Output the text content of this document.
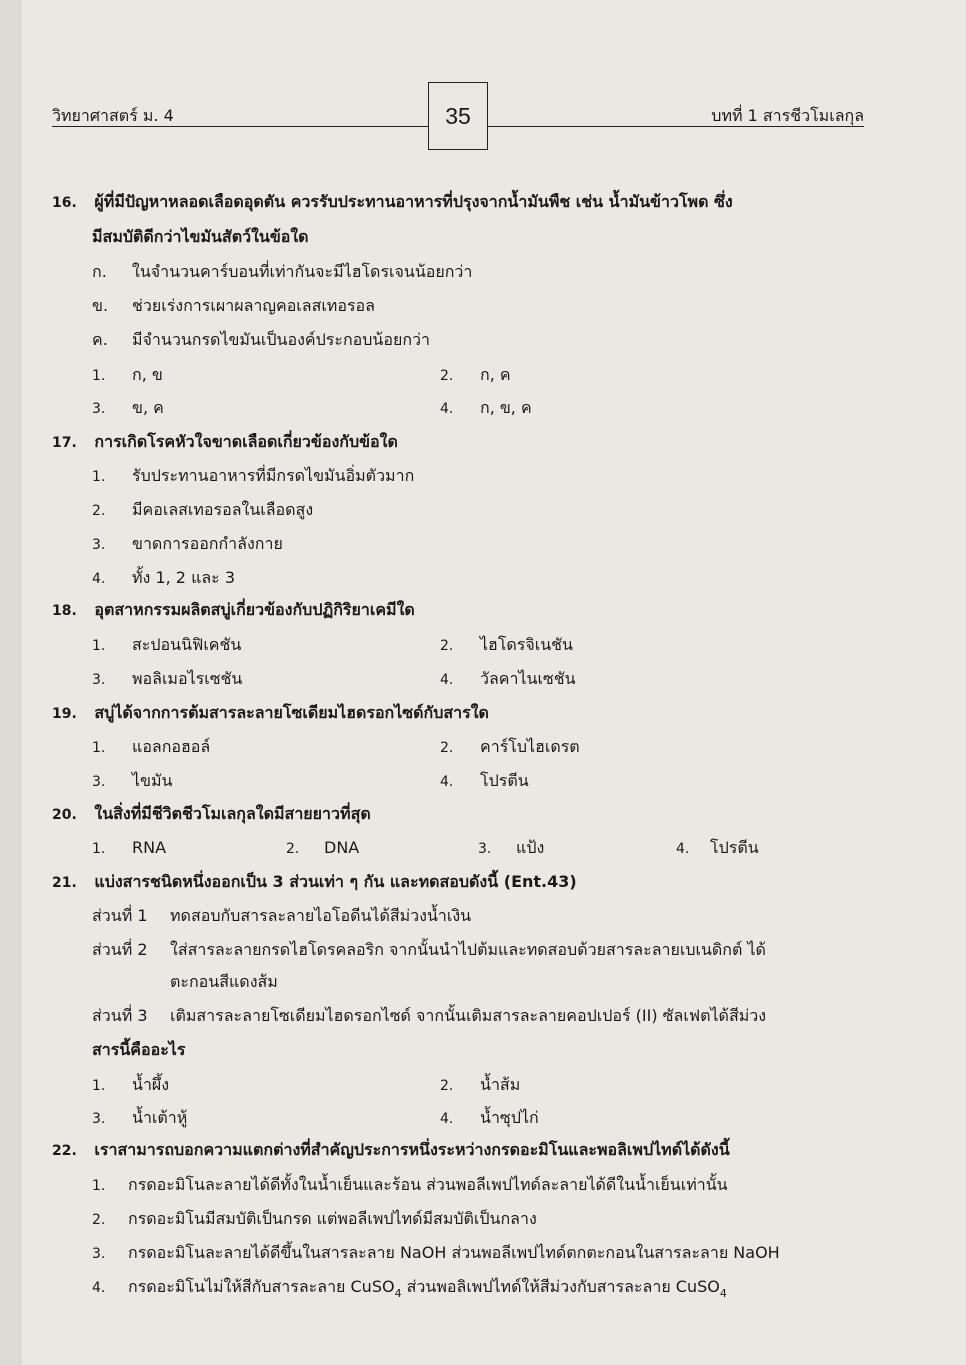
วิทยาศาสตร์ ม. 4	บทที่ 1 สารชีวโมเลกุล
35
16. ผู้ที่มีปัญหาหลอดเลือดอุดตัน ควรรับประทานอาหารที่ปรุงจากน้ำมันพืช เช่น น้ำมันข้าวโพด ซึ่ง
มีสมบัติดีกว่าไขมันสัตว์ในข้อใด
ก. ในจำนวนคาร์บอนที่เท่ากันจะมีไฮโดรเจนน้อยกว่า
ข. ช่วยเร่งการเผาผลาญคอเลสเทอรอล
ค. มีจำนวนกรดไขมันเป็นองค์ประกอบน้อยกว่า
1. ก, ข	2. ก, ค
3. ข, ค	4. ก, ข, ค
17. การเกิดโรคหัวใจขาดเลือดเกี่ยวข้องกับข้อใด
1. รับประทานอาหารที่มีกรดไขมันอิ่มตัวมาก
2. มีคอเลสเทอรอลในเลือดสูง
3. ขาดการออกกำลังกาย
4. ทั้ง 1, 2 และ 3
18. อุตสาหกรรมผลิตสบู่เกี่ยวข้องกับปฏิกิริยาเคมีใด
1. สะปอนนิฟิเคชัน	2. ไฮโดรจิเนชัน
3. พอลิเมอไรเซชัน	4. วัลคาไนเซชัน
19. สบู่ได้จากการต้มสารละลายโซเดียมไฮดรอกไซด์กับสารใด
1. แอลกอฮอล์	2. คาร์โบไฮเดรต
3. ไขมัน	4. โปรตีน
20. ในสิ่งที่มีชีวิตชีวโมเลกุลใดมีสายยาวที่สุด
1. RNA	2. DNA	3. แป้ง	4. โปรตีน
21. แบ่งสารชนิดหนึ่งออกเป็น 3 ส่วนเท่า ๆ กัน และทดสอบดังนี้ (Ent.43)
ส่วนที่ 1 ทดสอบกับสารละลายไอโอดีนได้สีม่วงน้ำเงิน
ส่วนที่ 2 ใส่สารละลายกรดไฮโดรคลอริก จากนั้นนำไปต้มและทดสอบด้วยสารละลายเบเนดิกต์ ได้
ตะกอนสีแดงส้ม
ส่วนที่ 3 เติมสารละลายโซเดียมไฮดรอกไซด์ จากนั้นเติมสารละลายคอปเปอร์ (II) ซัลเฟตได้สีม่วง
สารนี้คืออะไร
1. น้ำผึ้ง	2. น้ำส้ม
3. น้ำเต้าหู้	4. น้ำซุปไก่
22. เราสามารถบอกความแตกต่างที่สำคัญประการหนึ่งระหว่างกรดอะมิโนและพอลิเพปไทด์ได้ดังนี้
1. กรดอะมิโนละลายได้ดีทั้งในน้ำเย็นและร้อน ส่วนพอลีเพปไทด์ละลายได้ดีในน้ำเย็นเท่านั้น
2. กรดอะมิโนมีสมบัติเป็นกรด แต่พอลีเพปไทด์มีสมบัติเป็นกลาง
3. กรดอะมิโนละลายได้ดีขึ้นในสารละลาย NaOH ส่วนพอลีเพปไทด์ตกตะกอนในสารละลาย NaOH
4. กรดอะมิโนไม่ให้สีกับสารละลาย CuSO$_4$ ส่วนพอลิเพปไทด์ให้สีม่วงกับสารละลาย CuSO$_4$
